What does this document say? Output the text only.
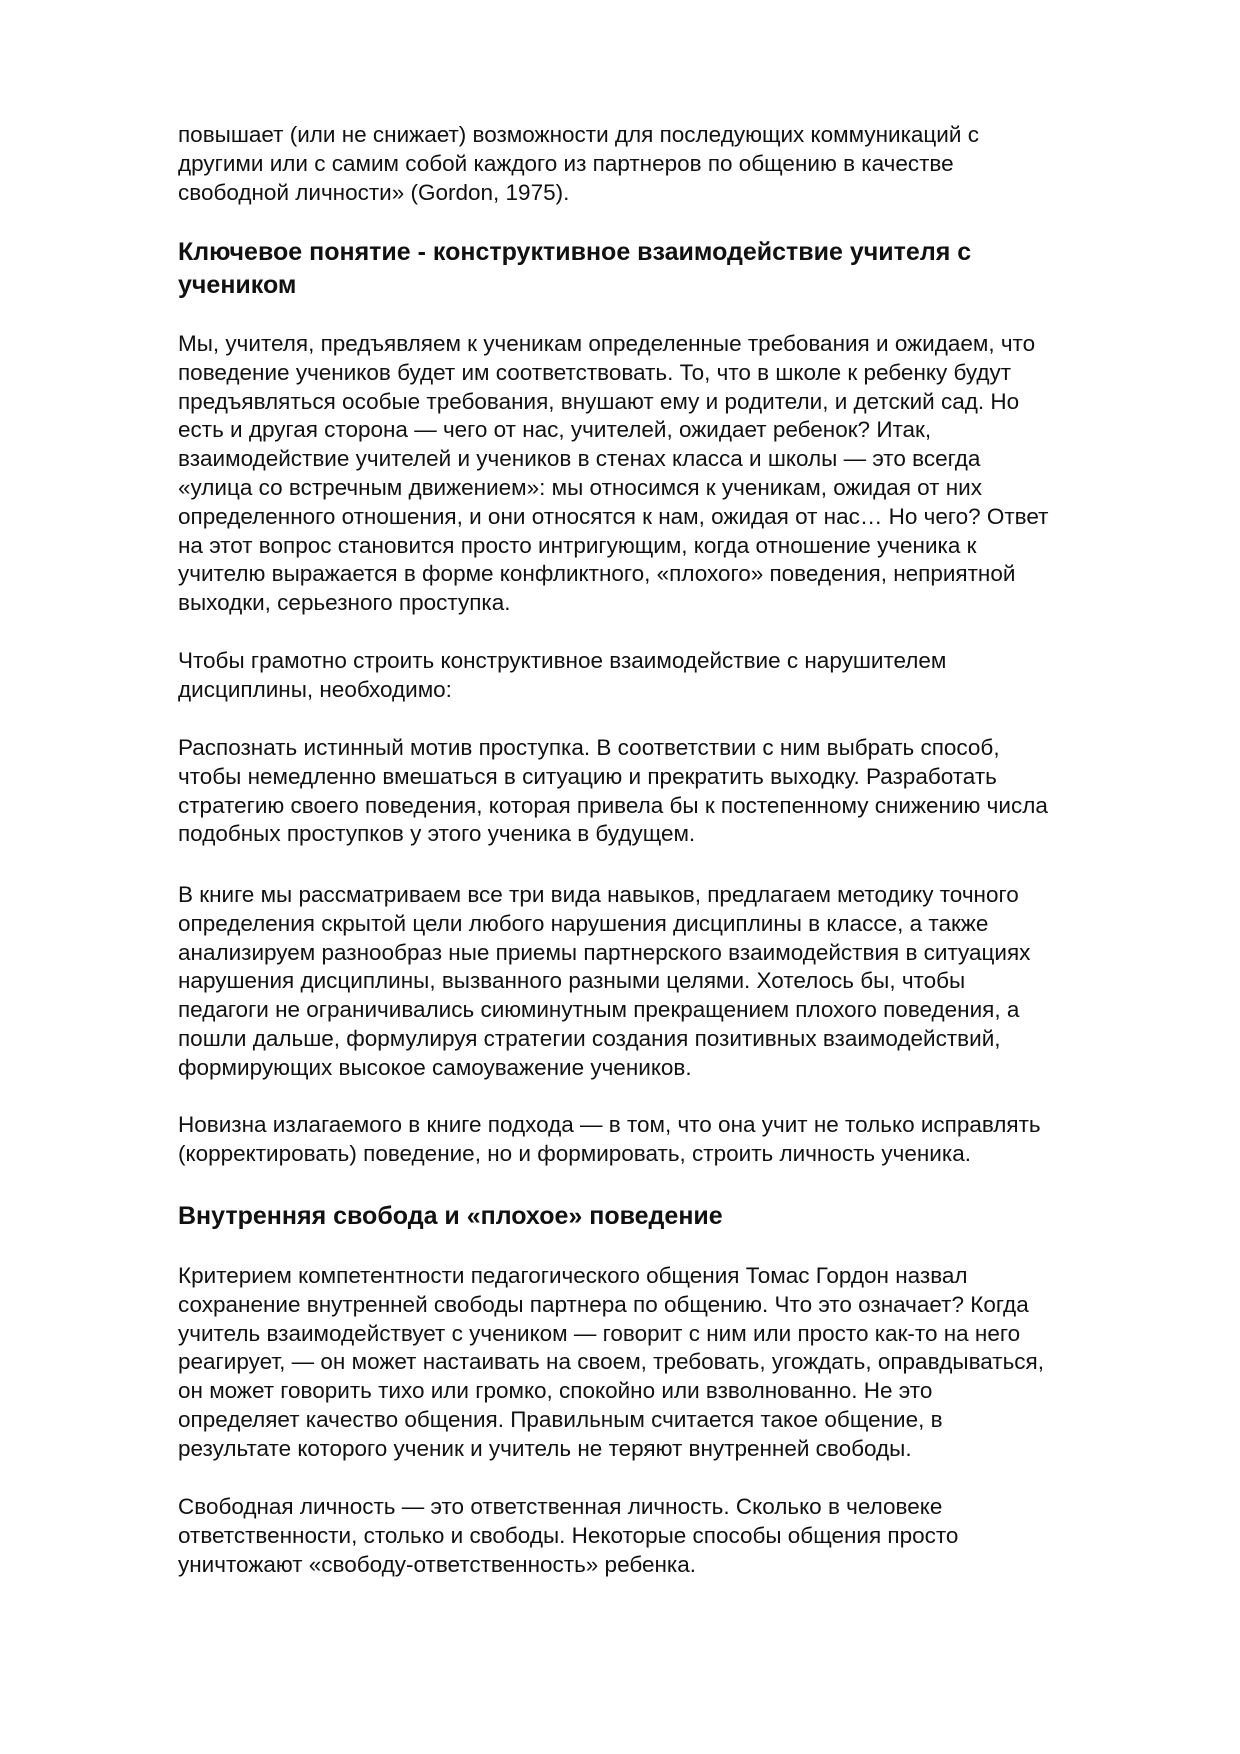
повышает (или не снижает) возможности для последующих коммуникаций с
другими или с самим собой каждого из партнеров по общению в качестве
свободной личности» (Gordon, 1975).
Ключевое понятие - конструктивное взаимодействие учителя с
учеником
Мы, учителя, предъявляем к ученикам определенные требования и ожидаем, что
поведение учеников будет им соответствовать. То, что в школе к ребенку будут
предъявляться особые требования, внушают ему и родители, и детский сад. Но
есть и другая сторона — чего от нас, учителей, ожидает ребенок? Итак,
взаимодействие учителей и учеников в стенах класса и школы — это всегда
«улица со встречным движением»: мы относимся к ученикам, ожидая от них
определенного отношения, и они относятся к нам, ожидая от нас… Но чего? Ответ
на этот вопрос становится просто интригующим, когда отношение ученика к
учителю выражается в форме конфликтного, «плохого» поведения, неприятной
выходки, серьезного проступка.
Чтобы грамотно строить конструктивное взаимодействие с нарушителем
дисциплины, необходимо:
Распознать истинный мотив проступка. В соответствии с ним выбрать способ,
чтобы немедленно вмешаться в ситуацию и прекратить выходку. Разработать
стратегию своего поведения, которая привела бы к постепенному снижению числа
подобных проступков у этого ученика в будущем.
В книге мы рассматриваем все три вида навыков, предлагаем методику точного
определения скрытой цели любого нарушения дисциплины в классе, а также
анализируем разнообраз ные приемы партнерского взаимодействия в ситуациях
нарушения дисциплины, вызванного разными целями. Хотелось бы, чтобы
педагоги не ограничивались сиюминутным прекращением плохого поведения, а
пошли дальше, формулируя стратегии создания позитивных взаимодействий,
формирующих высокое самоуважение учеников.
Новизна излагаемого в книге подхода — в том, что она учит не только исправлять
(корректировать) поведение, но и формировать, строить личность ученика.
Внутренняя свобода и «плохое» поведение
Критерием компетентности педагогического общения Томас Гордон назвал
сохранение внутренней свободы партнера по общению. Что это означает? Когда
учитель взаимодействует с учеником — говорит с ним или просто как-то на него
реагирует, — он может настаивать на своем, требовать, угождать, оправдываться,
он может говорить тихо или громко, спокойно или взволнованно. Не это
определяет качество общения. Правильным считается такое общение, в
результате которого ученик и учитель не теряют внутренней свободы.
Свободная личность — это ответственная личность. Сколько в человеке
ответственности, столько и свободы. Некоторые способы общения просто
уничтожают «свободу-ответственность» ребенка.
